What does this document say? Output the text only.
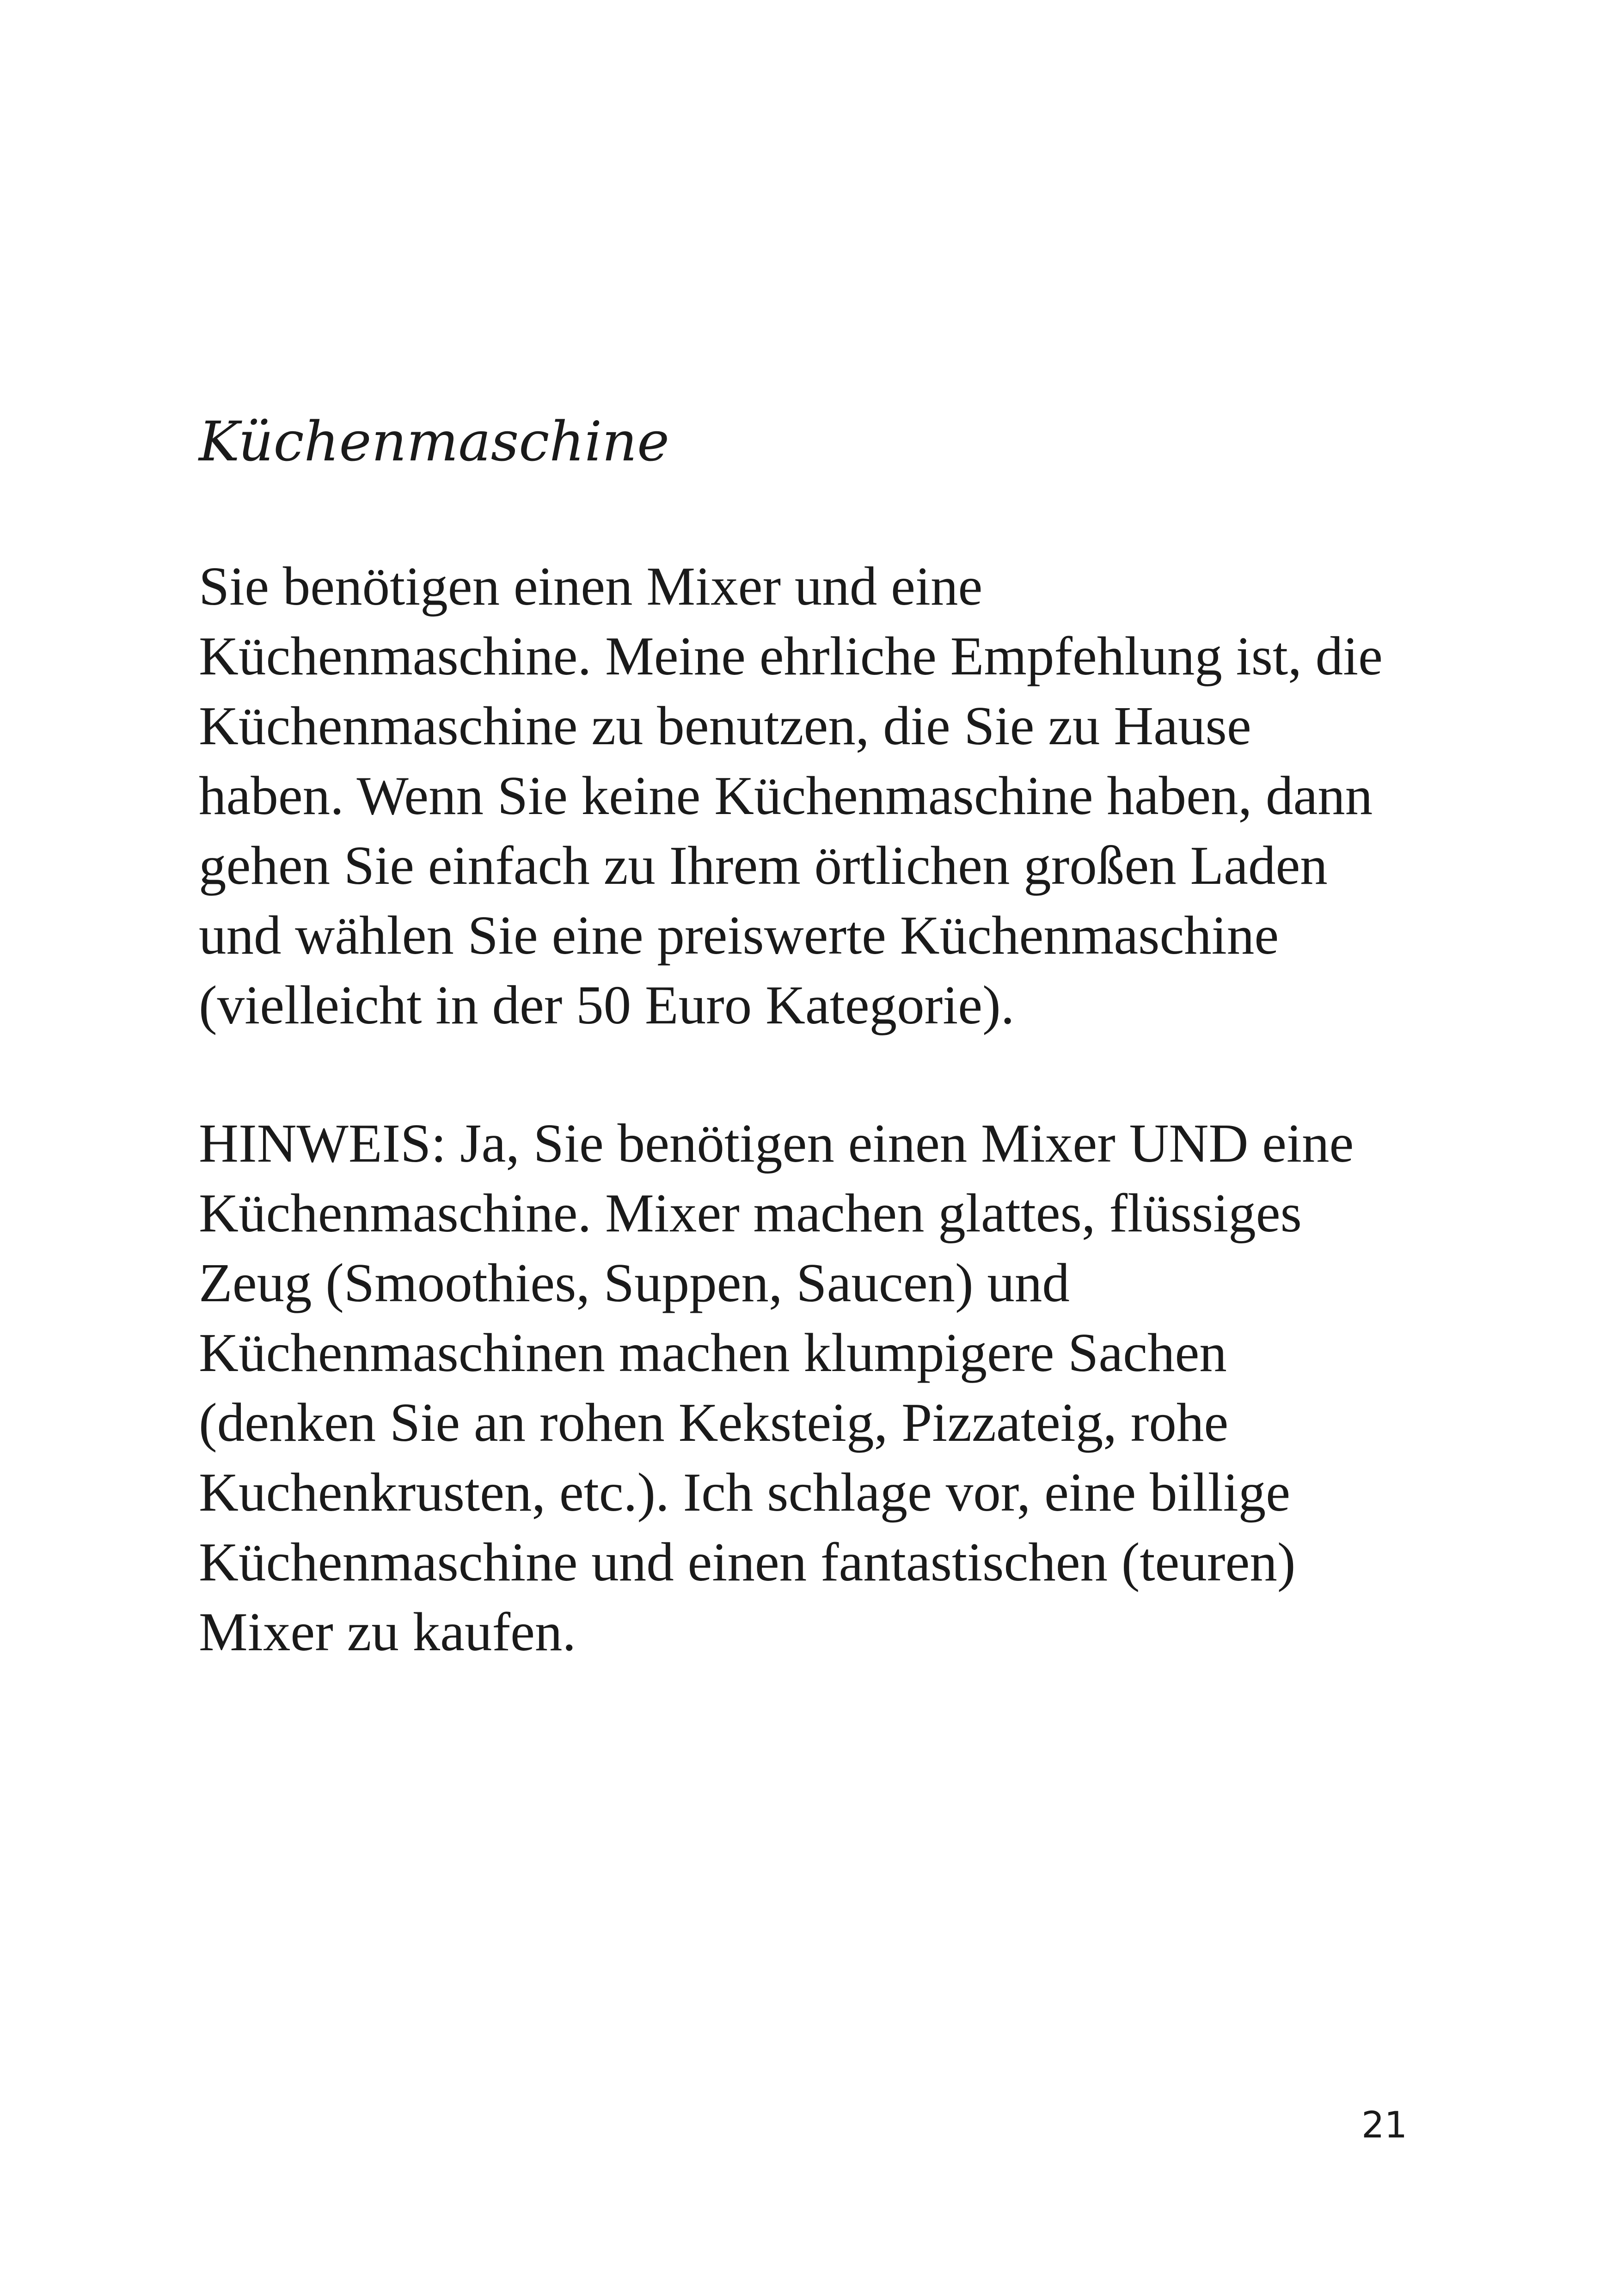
Küchenmaschine
Sie benötigen einen Mixer und eine
Küchenmaschine. Meine ehrliche Empfehlung ist, die
Küchenmaschine zu benutzen, die Sie zu Hause
haben. Wenn Sie keine Küchenmaschine haben, dann
gehen Sie einfach zu Ihrem örtlichen großen Laden
und wählen Sie eine preiswerte Küchenmaschine
(vielleicht in der 50 Euro Kategorie).
HINWEIS: Ja, Sie benötigen einen Mixer UND eine
Küchenmaschine. Mixer machen glattes, flüssiges
Zeug (Smoothies, Suppen, Saucen) und
Küchenmaschinen machen klumpigere Sachen
(denken Sie an rohen Keksteig, Pizzateig, rohe
Kuchenkrusten, etc.). Ich schlage vor, eine billige
Küchenmaschine und einen fantastischen (teuren)
Mixer zu kaufen.
21
